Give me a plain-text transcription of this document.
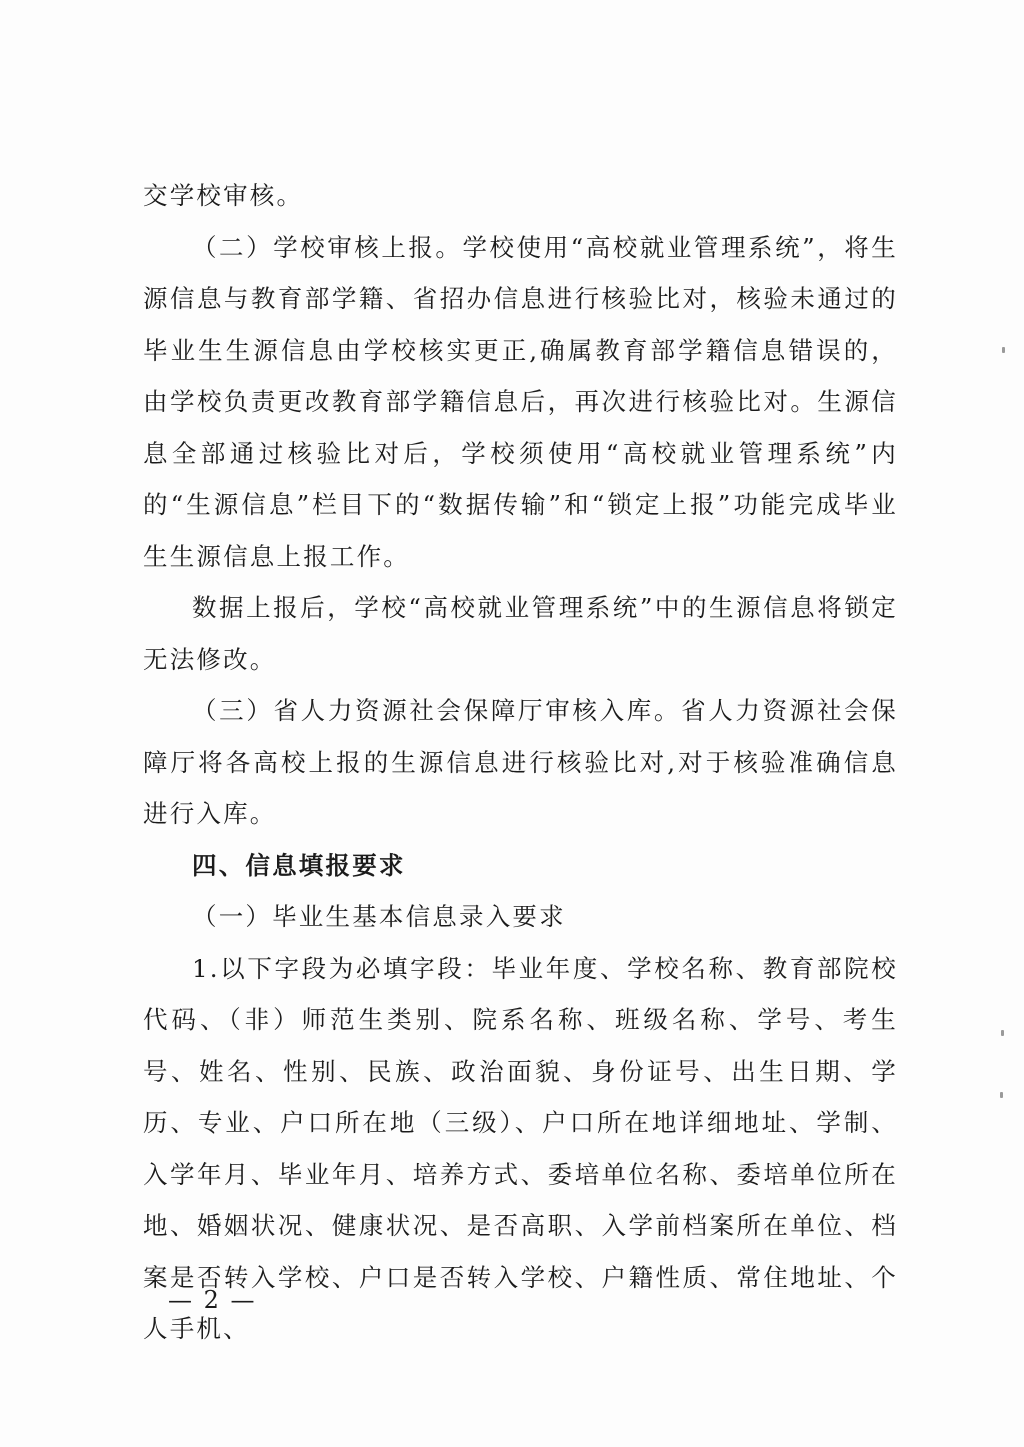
交学校审核。

（二）学校审核上报。学校使用“高校就业管理系统”，将生源信息与教育部学籍、省招办信息进行核验比对，核验未通过的毕业生生源信息由学校核实更正,确属教育部学籍信息错误的，由学校负责更改教育部学籍信息后，再次进行核验比对。生源信息全部通过核验比对后，学校须使用“高校就业管理系统”内的“生源信息”栏目下的“数据传输”和“锁定上报”功能完成毕业生生源信息上报工作。

数据上报后，学校“高校就业管理系统”中的生源信息将锁定无法修改。

（三）省人力资源社会保障厅审核入库。省人力资源社会保障厅将各高校上报的生源信息进行核验比对,对于核验准确信息进行入库。

四、信息填报要求

（一）毕业生基本信息录入要求

1.以下字段为必填字段：毕业年度、学校名称、教育部院校代码、（非）师范生类别、院系名称、班级名称、学号、考生号、姓名、性别、民族、政治面貌、身份证号、出生日期、学历、专业、户口所在地（三级）、户口所在地详细地址、学制、入学年月、毕业年月、培养方式、委培单位名称、委培单位所在地、婚姻状况、健康状况、是否高职、入学前档案所在单位、档案是否转入学校、户口是否转入学校、户籍性质、常住地址、个人手机、

— 2 —
